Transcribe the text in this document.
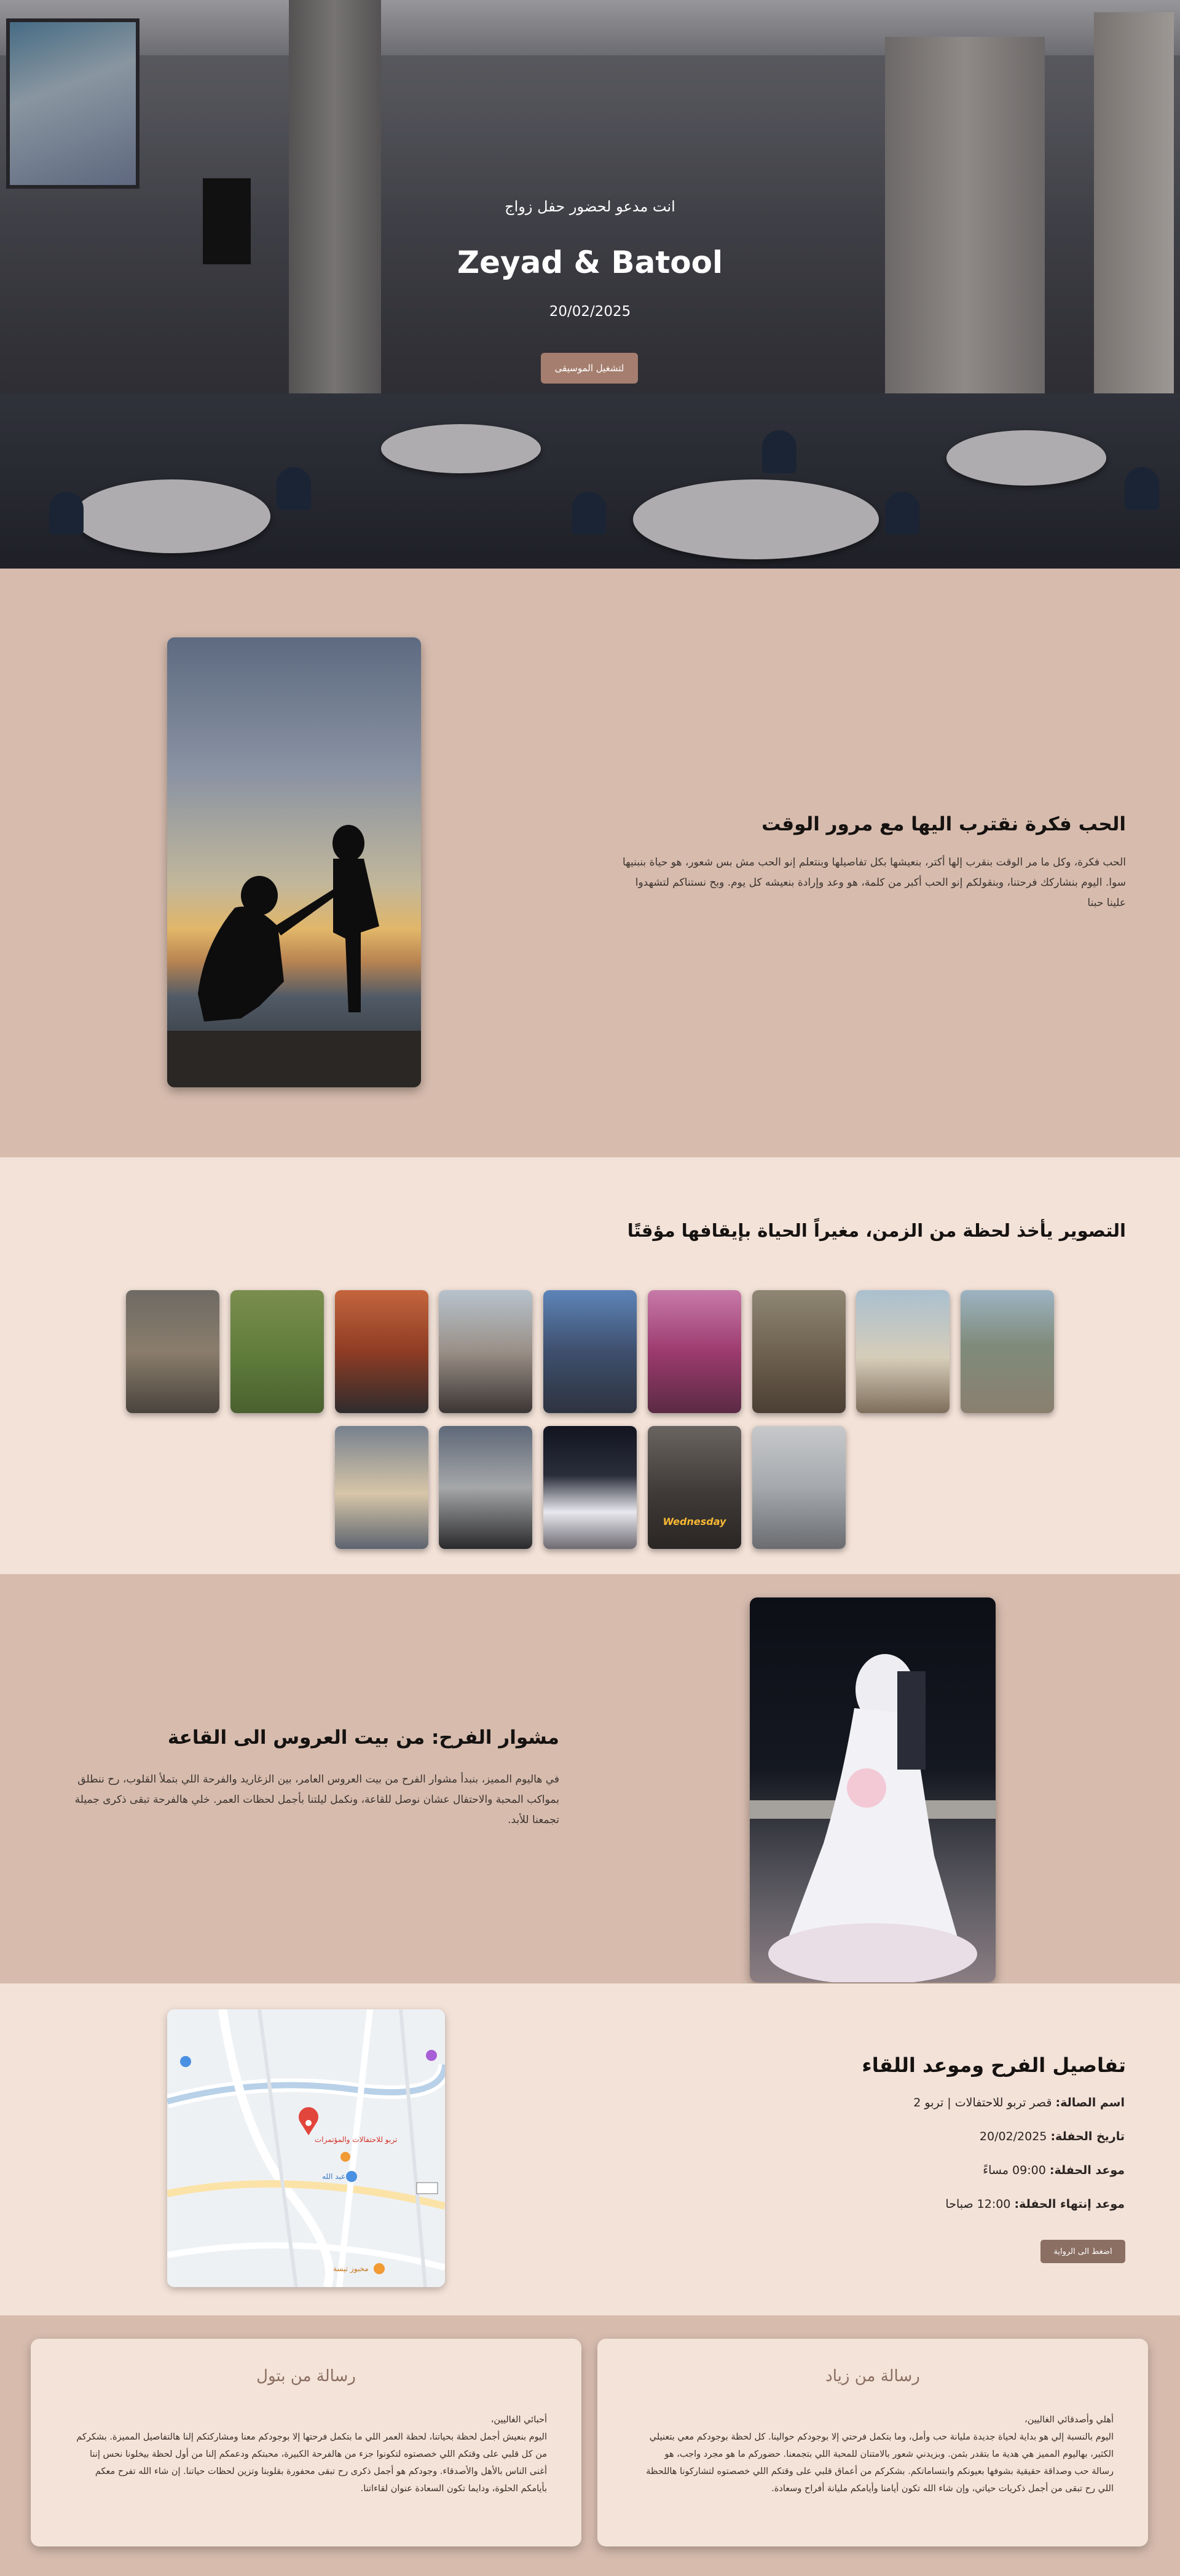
انت مدعو لحضور حفل زواج
Zeyad & Batool
20/02/2025
لتشغيل الموسيقى
الحب فكرة نقترب اليها مع مرور الوقت
الحب فكرة، وكل ما مر الوقت بنقرب إلها أكتر، بنعيشها بكل تفاصيلها وبنتعلم إنو الحب مش بس شعور، هو حياة بنبنيها سوا. اليوم بنشاركك فرحتنا، وبنقولكم إنو الحب أكبر من كلمة، هو وعد وإرادة بنعيشه كل يوم. وبح نستناكم لتشهدوا علينا حبنا
التصوير يأخذ لحظة من الزمن، مغيراً الحياة بإيقافها مؤقتًا
Wednesday
مشوار الفرح: من بيت العروس الى القاعة
في هاليوم المميز، بنبدأ مشوار الفرح من بيت العروس العامر، بين الزغاريد والفرحة اللي بتملأ القلوب، رح ننطلق بمواكب المحبة والاحتفال عشان نوصل للقاعة، ونكمل ليلتنا بأجمل لحظات العمر. خلي هالفرحة تبقى ذكرى جميلة تجمعنا للأبد.
تربو للاحتفالات والمؤتمرات
عبد الله
مخبوز تيسة
تفاصيل الفرح وموعد اللقاء
اسم الصالة: قصر تربو للاحتفالات | تربو 2
تاريخ الحفلة: 20/02/2025
موعد الحفلة: 09:00 مساءً
موعد إنتهاء الحفلة: 12:00 صباحا
اضغط الى الرواية
رسالة من زياد
أهلي وأصدقائي الغاليين،
اليوم بالنسبة إلي هو بداية لحياة جديدة مليانة حب وأمل، وما بتكمل فرحتي إلا بوجودكم حوالينا. كل لحظة بوجودكم معي بتعنيلي الكثير، بهاليوم المميز هي هدية ما بتقدر بثمن. وبزيدني شعور بالامتنان للمحبة اللي بتجمعنا. حضوركم ما هو مجرد واجب، هو رسالة حب وصداقة حقيقية بشوفها بعيونكم وابتساماتكم. بشكركم من أعماق قلبي على وقتكم اللي خصصتوه لتشاركونا هاللحظة اللي رح تبقى من أجمل ذكريات حياتي، وإن شاء الله تكون أيامنا وأيامكم مليانة أفراح وسعادة.
رسالة من بتول
أحبائي الغاليين،
اليوم بنعيش أجمل لحظة بحياتنا، لحظة العمر اللي ما بتكمل فرحتها إلا بوجودكم معنا ومشاركتكم إلنا هالتفاصيل المميزة. بشكركم من كل قلبي على وقتكم اللي خصصتوه لتكونوا جزء من هالفرحة الكبيرة، محبتكم ودعمكم إلنا من أول لحظة بيخلونا نحس إننا أغنى الناس بالأهل والأصدقاء. وجودكم هو أجمل ذكرى رح تبقى محفورة بقلوبنا وتزين لحظات حياتنا. إن شاء الله تفرح معكم بأيامكم الحلوة، ودايما تكون السعادة عنوان لقاءاتنا.
